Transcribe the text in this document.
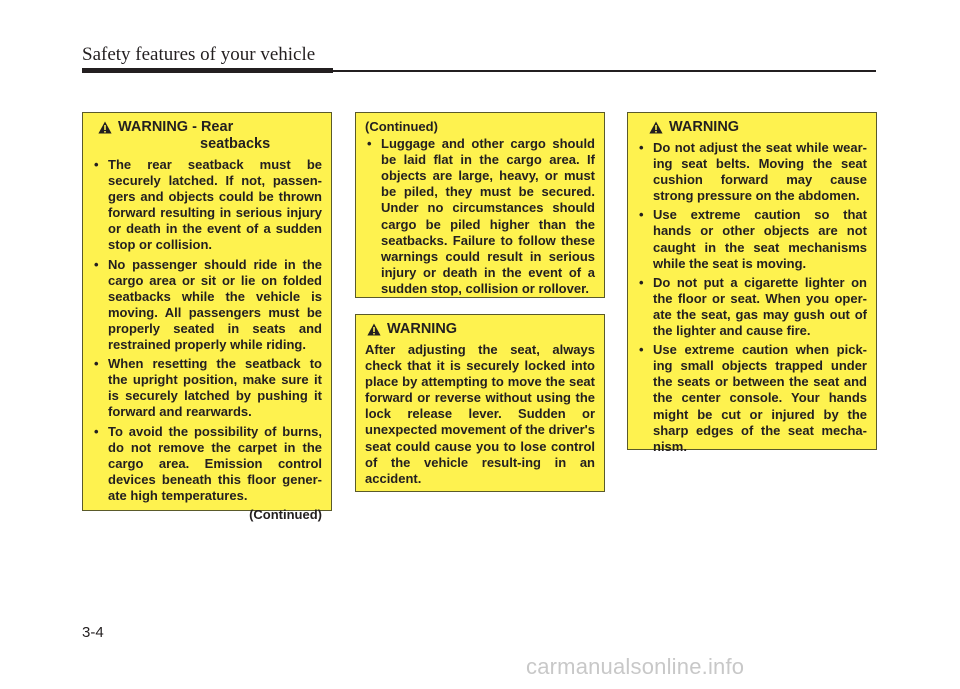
Safety features of your vehicle
WARNING - Rear
seatbacks
• The rear seatback must be securely latched. If not, passen-gers and objects could be thrown forward resulting in serious injury or death in the event of a sudden stop or collision.
• No passenger should ride in the cargo area or sit or lie on folded seatbacks while the vehicle is moving. All passengers must be properly seated in seats and restrained properly while riding.
• When resetting the seatback to the upright position, make sure it is securely latched by pushing it forward and rearwards.
• To avoid the possibility of burns, do not remove the carpet in the cargo area. Emission control devices beneath this floor gener-ate high temperatures.
(Continued)
(Continued)
• Luggage and other cargo should be laid flat in the cargo area. If objects are large, heavy, or must be piled, they must be secured. Under no circumstances should cargo be piled higher than the seatbacks. Failure to follow these warnings could result in serious injury or death in the event of a sudden stop, collision or rollover.
WARNING

After adjusting the seat, always check that it is securely locked into place by attempting to move the seat forward or reverse without using the lock release lever. Sudden or unexpected movement of the driver's seat could cause you to lose control of the vehicle result-ing in an accident.

WARNING
• Do not adjust the seat while wear-ing seat belts. Moving the seat cushion forward may cause strong pressure on the abdomen.
• Use extreme caution so that hands or other objects are not caught in the seat mechanisms while the seat is moving.
• Do not put a cigarette lighter on the floor or seat. When you oper-ate the seat, gas may gush out of the lighter and cause fire.
• Use extreme caution when pick-ing small objects trapped under the seats or between the seat and the center console. Your hands might be cut or injured by the sharp edges of the seat mecha-nism.
3-4
carmanualsonline.info
